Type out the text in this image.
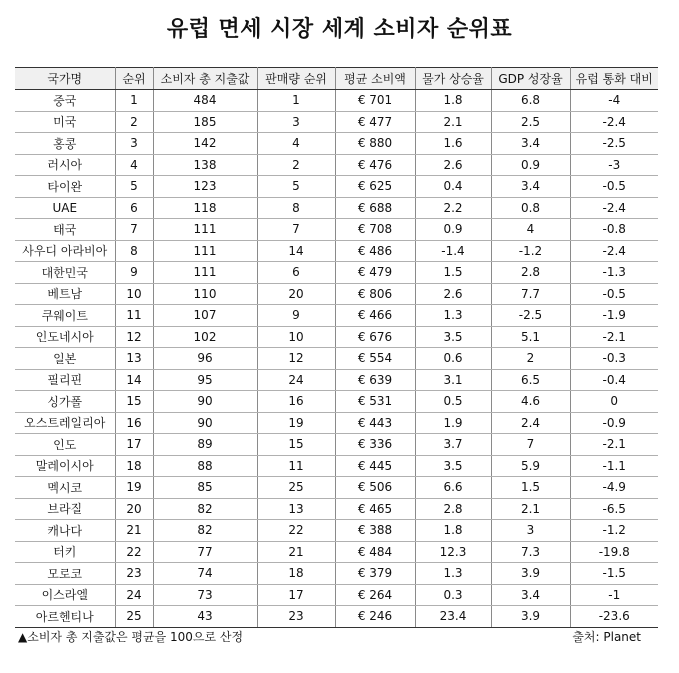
유럽 면세 시장 세계 소비자 순위표
국가명	순위	소비자 총 지출값	판매량 순위	평균 소비액	물가 상승율	GDP 성장율	유럽 통화 대비
중국	1	484	1	€ 701	1.8	6.8	-4
미국	2	185	3	€ 477	2.1	2.5	-2.4
홍콩	3	142	4	€ 880	1.6	3.4	-2.5
러시아	4	138	2	€ 476	2.6	0.9	-3
타이완	5	123	5	€ 625	0.4	3.4	-0.5
UAE	6	118	8	€ 688	2.2	0.8	-2.4
태국	7	111	7	€ 708	0.9	4	-0.8
사우디 아라비아	8	111	14	€ 486	-1.4	-1.2	-2.4
대한민국	9	111	6	€ 479	1.5	2.8	-1.3
베트남	10	110	20	€ 806	2.6	7.7	-0.5
쿠웨이트	11	107	9	€ 466	1.3	-2.5	-1.9
인도네시아	12	102	10	€ 676	3.5	5.1	-2.1
일본	13	96	12	€ 554	0.6	2	-0.3
필리핀	14	95	24	€ 639	3.1	6.5	-0.4
싱가폴	15	90	16	€ 531	0.5	4.6	0
오스트레일리아	16	90	19	€ 443	1.9	2.4	-0.9
인도	17	89	15	€ 336	3.7	7	-2.1
말레이시아	18	88	11	€ 445	3.5	5.9	-1.1
멕시코	19	85	25	€ 506	6.6	1.5	-4.9
브라질	20	82	13	€ 465	2.8	2.1	-6.5
캐나다	21	82	22	€ 388	1.8	3	-1.2
터키	22	77	21	€ 484	12.3	7.3	-19.8
모로코	23	74	18	€ 379	1.3	3.9	-1.5
이스라엘	24	73	17	€ 264	0.3	3.4	-1
아르헨티나	25	43	23	€ 246	23.4	3.9	-23.6
▲소비자 총 지출값은 평균을 100으로 산정	출처: Planet
